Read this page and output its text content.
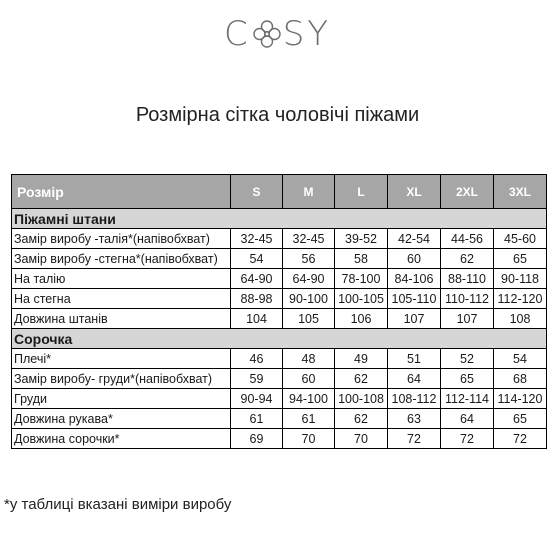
C SY
Розмірна сітка чоловічі піжами
Розмір	S	M	L	XL	2XL	3XL
Піжамні штани						
Замір виробу -талія*(напівобхват)	32-45	32-45	39-52	42-54	44-56	45-60
Замір виробу -стегна*(напівобхват)	54	56	58	60	62	65
На талію	64-90	64-90	78-100	84-106	88-110	90-118
На стегна	88-98	90-100	100-105	105-110	110-112	112-120
Довжина штанів	104	105	106	107	107	108
Сорочка						
Плечі*	46	48	49	51	52	54
Замір виробу- груди*(напівобхват)	59	60	62	64	65	68
Груди	90-94	94-100	100-108	108-112	112-114	114-120
Довжина рукава*	61	61	62	63	64	65
Довжина сорочки*	69	70	70	72	72	72
*у таблиці вказані виміри виробу
